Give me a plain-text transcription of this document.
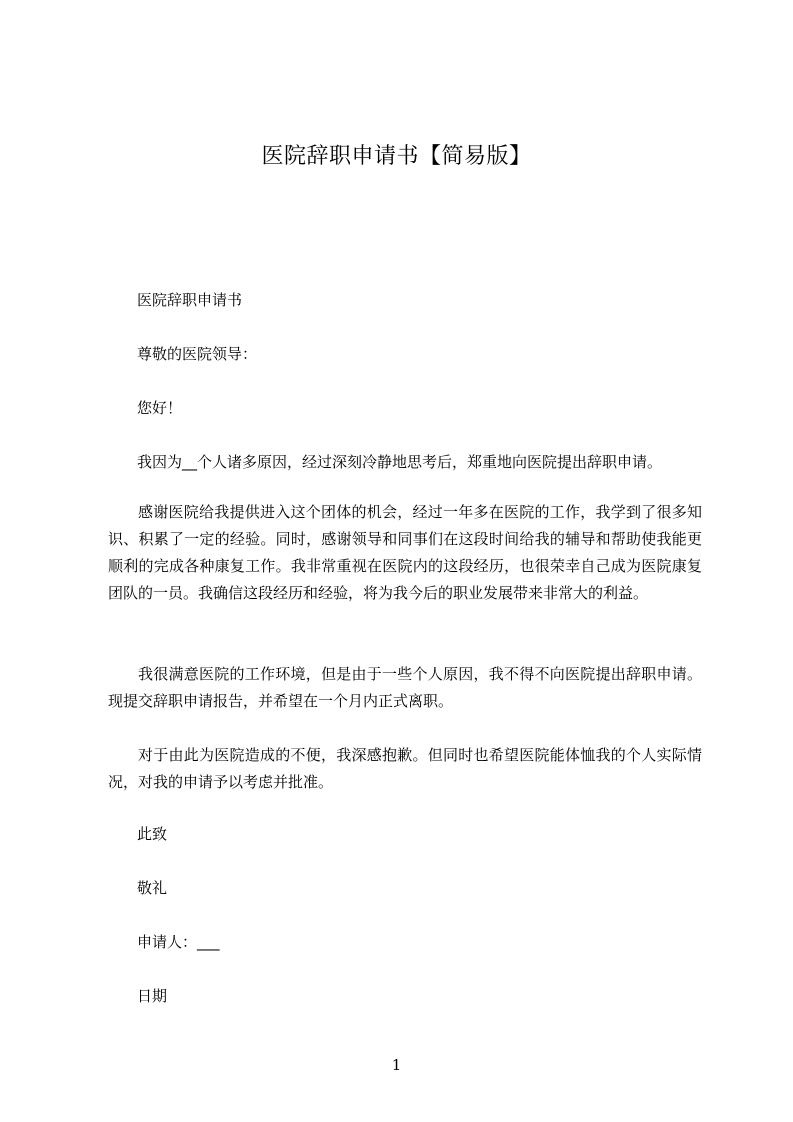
医院辞职申请书【简易版】

医院辞职申请书

尊敬的医院领导：

您好！

我因为__个人诸多原因，经过深刻冷静地思考后，郑重地向医院提出辞职申请。

感谢医院给我提供进入这个团体的机会，经过一年多在医院的工作，我学到了很多知识、积累了一定的经验。同时，感谢领导和同事们在这段时间给我的辅导和帮助使我能更顺利的完成各种康复工作。我非常重视在医院内的这段经历，也很荣幸自己成为医院康复团队的一员。我确信这段经历和经验，将为我今后的职业发展带来非常大的利益。

我很满意医院的工作环境，但是由于一些个人原因，我不得不向医院提出辞职申请。现提交辞职申请报告，并希望在一个月内正式离职。

对于由此为医院造成的不便，我深感抱歉。但同时也希望医院能体恤我的个人实际情况，对我的申请予以考虑并批准。

此致

敬礼

申请人：___

日期

1
